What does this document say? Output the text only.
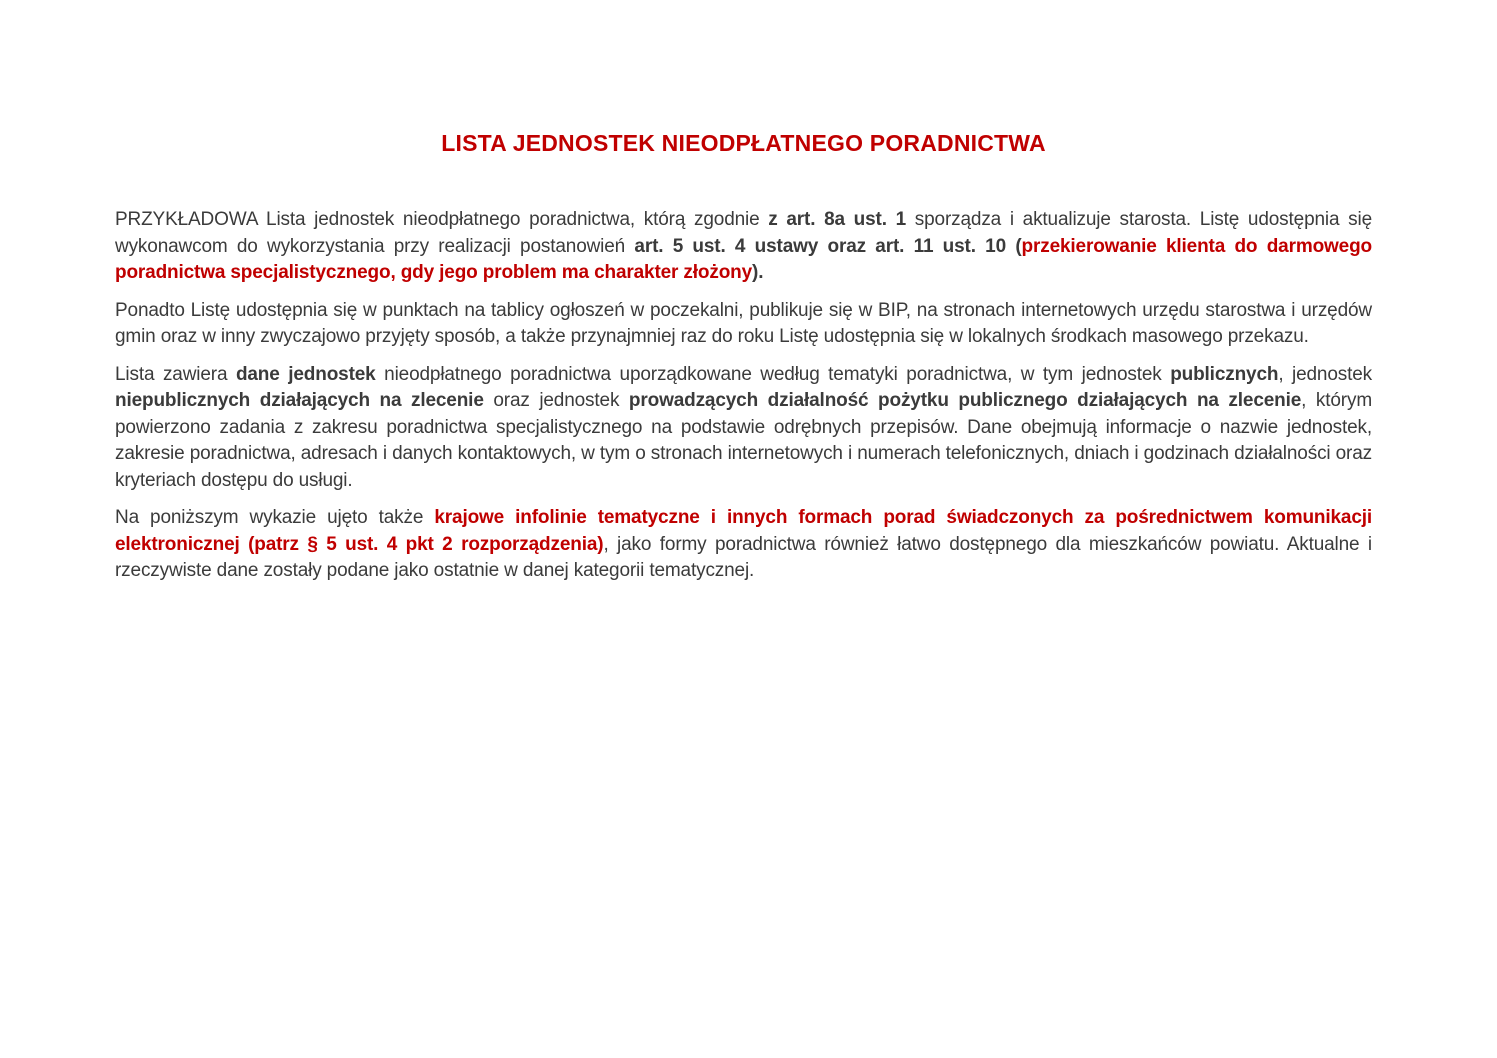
LISTA JEDNOSTEK NIEODPŁATNEGO PORADNICTWA

PRZYKŁADOWA Lista jednostek nieodpłatnego poradnictwa, którą zgodnie z art. 8a ust. 1 sporządza i aktualizuje starosta. Listę udostępnia się wykonawcom do wykorzystania przy realizacji postanowień art. 5 ust. 4 ustawy oraz art. 11 ust. 10 (przekierowanie klienta do darmowego poradnictwa specjalistycznego, gdy jego problem ma charakter złożony).

Ponadto Listę udostępnia się w punktach na tablicy ogłoszeń w poczekalni, publikuje się w BIP, na stronach internetowych urzędu starostwa i urzędów gmin oraz w inny zwyczajowo przyjęty sposób, a także przynajmniej raz do roku Listę udostępnia się w lokalnych środkach masowego przekazu.

Lista zawiera dane jednostek nieodpłatnego poradnictwa uporządkowane według tematyki poradnictwa, w tym jednostek publicznych, jednostek niepublicznych działających na zlecenie oraz jednostek prowadzących działalność pożytku publicznego działających na zlecenie, którym powierzono zadania z zakresu poradnictwa specjalistycznego na podstawie odrębnych przepisów. Dane obejmują informacje o nazwie jednostek, zakresie poradnictwa, adresach i danych kontaktowych, w tym o stronach internetowych i numerach telefonicznych, dniach i godzinach działalności oraz kryteriach dostępu do usługi.

Na poniższym wykazie ujęto także krajowe infolinie tematyczne i innych formach porad świadczonych za pośrednictwem komunikacji elektronicznej (patrz § 5 ust. 4 pkt 2 rozporządzenia), jako formy poradnictwa również łatwo dostępnego dla mieszkańców powiatu. Aktualne i rzeczywiste dane zostały podane jako ostatnie w danej kategorii tematycznej.
